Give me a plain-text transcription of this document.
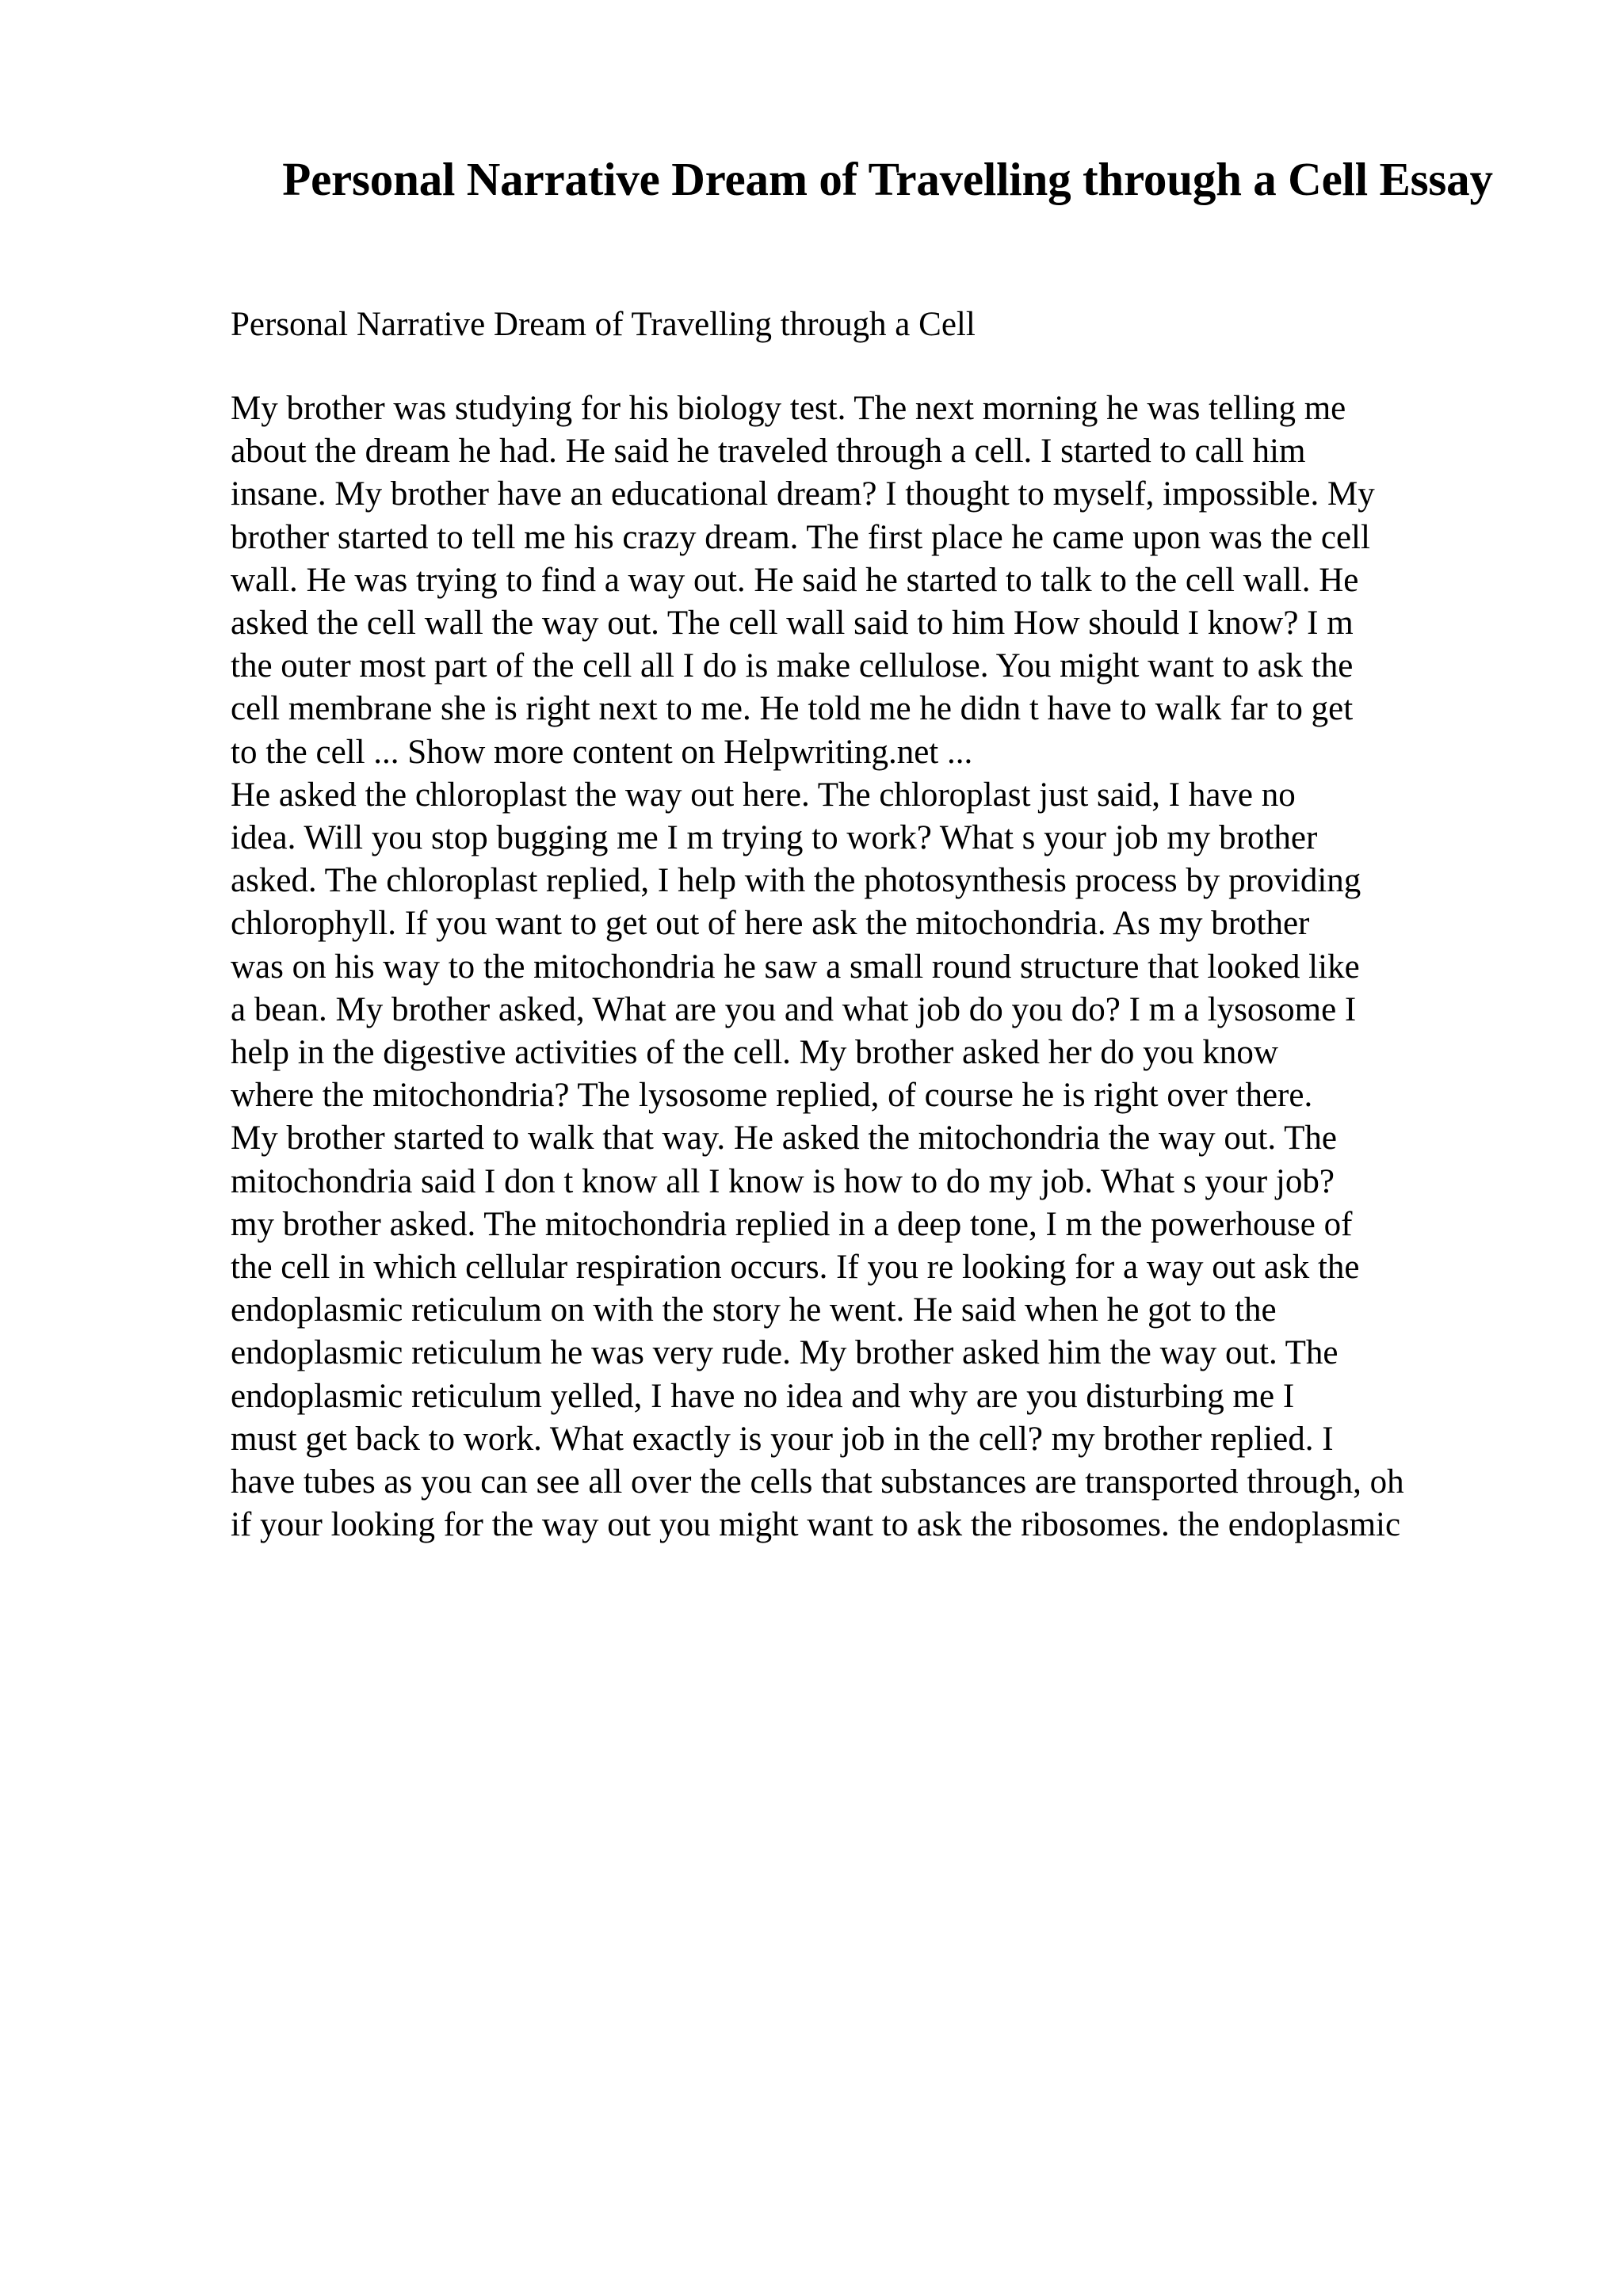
Personal Narrative Dream of Travelling through a Cell Essay

Personal Narrative Dream of Travelling through a Cell

My brother was studying for his biology test. The next morning he was telling me
about the dream he had. He said he traveled through a cell. I started to call him
insane. My brother have an educational dream? I thought to myself, impossible. My
brother started to tell me his crazy dream. The first place he came upon was the cell
wall. He was trying to find a way out. He said he started to talk to the cell wall. He
asked the cell wall the way out. The cell wall said to him How should I know? I m
the outer most part of the cell all I do is make cellulose. You might want to ask the
cell membrane she is right next to me. He told me he didn t have to walk far to get
to the cell ... Show more content on Helpwriting.net ...
He asked the chloroplast the way out here. The chloroplast just said, I have no
idea. Will you stop bugging me I m trying to work? What s your job my brother
asked. The chloroplast replied, I help with the photosynthesis process by providing
chlorophyll. If you want to get out of here ask the mitochondria. As my brother
was on his way to the mitochondria he saw a small round structure that looked like
a bean. My brother asked, What are you and what job do you do? I m a lysosome I
help in the digestive activities of the cell. My brother asked her do you know
where the mitochondria? The lysosome replied, of course he is right over there.
My brother started to walk that way. He asked the mitochondria the way out. The
mitochondria said I don t know all I know is how to do my job. What s your job?
my brother asked. The mitochondria replied in a deep tone, I m the powerhouse of
the cell in which cellular respiration occurs. If you re looking for a way out ask the
endoplasmic reticulum on with the story he went. He said when he got to the
endoplasmic reticulum he was very rude. My brother asked him the way out. The
endoplasmic reticulum yelled, I have no idea and why are you disturbing me I
must get back to work. What exactly is your job in the cell? my brother replied. I
have tubes as you can see all over the cells that substances are transported through, oh
if your looking for the way out you might want to ask the ribosomes. the endoplasmic
